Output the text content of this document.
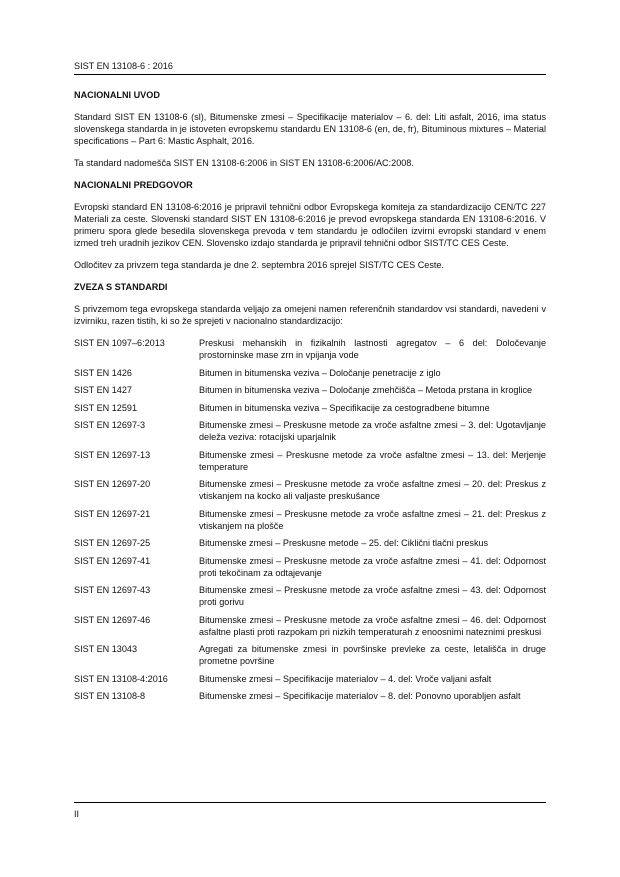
SIST EN 13108-6 : 2016
NACIONALNI UVOD

Standard SIST EN 13108-6 (sl), Bitumenske zmesi – Specifikacije materialov – 6. del: Liti asfalt, 2016, ima status slovenskega standarda in je istoveten evropskemu standardu EN 13108-6 (en, de, fr), Bituminous mixtures – Material specifications – Part 6: Mastic Asphalt, 2016.

Ta standard nadomešča SIST EN 13108-6:2006 in SIST EN 13108-6:2006/AC:2008.

NACIONALNI PREDGOVOR

Evropski standard EN 13108-6:2016 je pripravil tehnični odbor Evropskega komiteja za standardizacijo CEN/TC 227 Materiali za ceste. Slovenski standard SIST EN 13108-6:2016 je prevod evropskega standarda EN 13108-6:2016. V primeru spora glede besedila slovenskega prevoda v tem standardu je odločilen izvirni evropski standard v enem izmed treh uradnih jezikov CEN. Slovensko izdajo standarda je pripravil tehnični odbor SIST/TC CES Ceste.

Odločitev za privzem tega standarda je dne 2. septembra 2016 sprejel SIST/TC CES Ceste.

ZVEZA S STANDARDI

S privzemom tega evropskega standarda veljajo za omejeni namen referenčnih standardov vsi standardi, navedeni v izvirniku, razen tistih, ki so že sprejeti v nacionalno standardizacijo:

SIST EN 1097–6:2013	Preskusi mehanskih in fizikalnih lastnosti agregatov – 6 del: Določevanje prostorninske mase zrn in vpijanja vode
SIST EN 1426	Bitumen in bitumenska veziva – Določanje penetracije z iglo
SIST EN 1427	Bitumen in bitumenska veziva – Določanje zmehčišča – Metoda prstana in kroglice
SIST EN 12591	Bitumen in bitumenska veziva – Specifikacije za cestogradbene bitumne
SIST EN 12697-3	Bitumenske zmesi – Preskusne metode za vroče asfaltne zmesi – 3. del: Ugotavljanje deleža veziva: rotacijski uparjalnik
SIST EN 12697-13	Bitumenske zmesi – Preskusne metode za vroče asfaltne zmesi – 13. del: Merjenje temperature
SIST EN 12697-20	Bitumenske zmesi – Preskusne metode za vroče asfaltne zmesi – 20. del: Preskus z vtiskanjem na kocko ali valjaste preskušance
SIST EN 12697-21	Bitumenske zmesi – Preskusne metode za vroče asfaltne zmesi – 21. del: Preskus z vtiskanjem na plošče
SIST EN 12697-25	Bitumenske zmesi – Preskusne metode – 25. del: Ciklični tlačni preskus
SIST EN 12697-41	Bitumenske zmesi – Preskusne metode za vroče asfaltne zmesi – 41. del: Odpornost proti tekočinam za odtajevanje
SIST EN 12697-43	Bitumenske zmesi – Preskusne metode za vroče asfaltne zmesi – 43. del: Odpornost proti gorivu
SIST EN 12697-46	Bitumenske zmesi – Preskusne metode za vroče asfaltne zmesi – 46. del: Odpornost asfaltne plasti proti razpokam pri nizkih temperaturah z enoosnimi nateznimi preskusi
SIST EN 13043	Agregati za bitumenske zmesi in površinske prevleke za ceste, letališča in druge prometne površine
SIST EN 13108-4:2016	Bitumenske zmesi – Specifikacije materialov – 4. del: Vroče valjani asfalt
SIST EN 13108-8	Bitumenske zmesi – Specifikacije materialov – 8. del: Ponovno uporabljen asfalt
II
